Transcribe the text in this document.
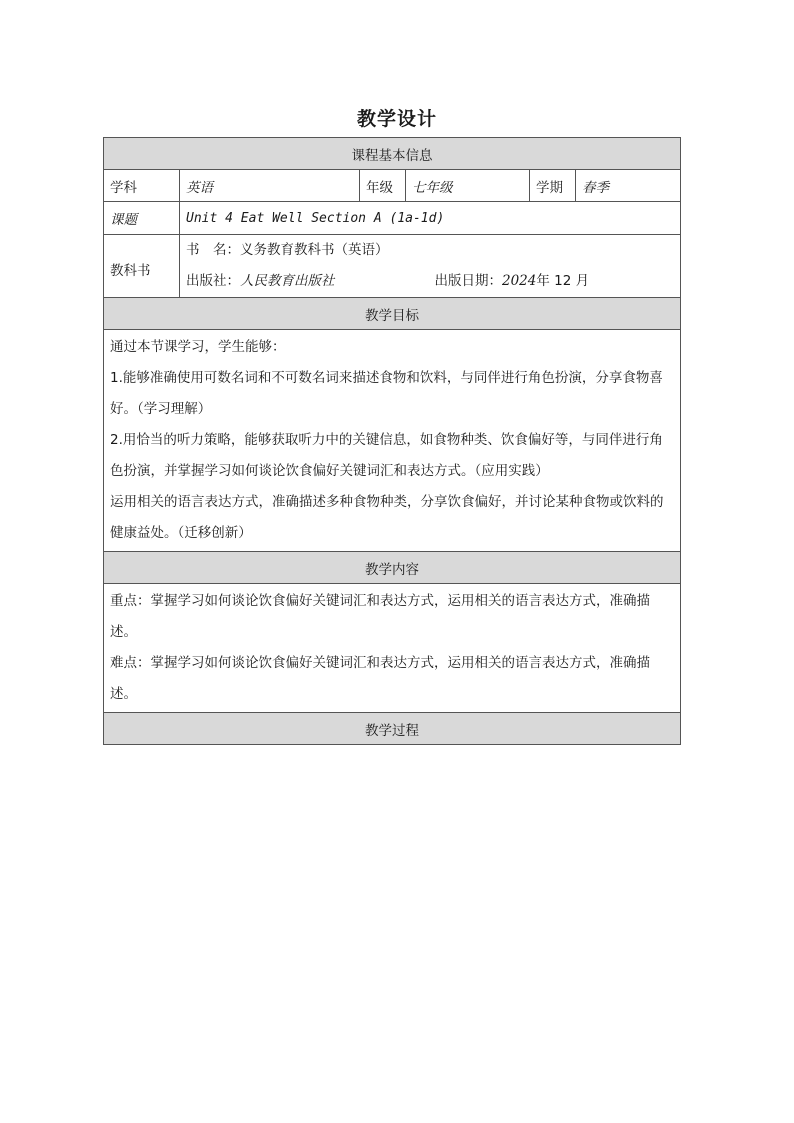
教学设计
课程基本信息					
学科	英语	年级	七年级	学期	春季
课题	Unit 4 Eat Well Section A (1a-1d)				
教科书	书　名：义务教育教科书（英语）
出版社：人民教育出版社 出版日期：2024年 12 月				

教学目标					

通过本节课学习，学生能够：

1.能够准确使用可数名词和不可数名词来描述食物和饮料，与同伴进行角色扮演，分享食物喜好。（学习理解）

2.用恰当的听力策略，能够获取听力中的关键信息，如食物种类、饮食偏好等，与同伴进行角色扮演，并掌握学习如何谈论饮食偏好关键词汇和表达方式。（应用实践）

运用相关的语言表达方式，准确描述多种食物种类，分享饮食偏好，并讨论某种食物或饮料的健康益处。（迁移创新）					

教学内容					

重点：掌握学习如何谈论饮食偏好关键词汇和表达方式，运用相关的语言表达方式，准确描述。

难点：掌握学习如何谈论饮食偏好关键词汇和表达方式，运用相关的语言表达方式，准确描述。					

教学过程					
